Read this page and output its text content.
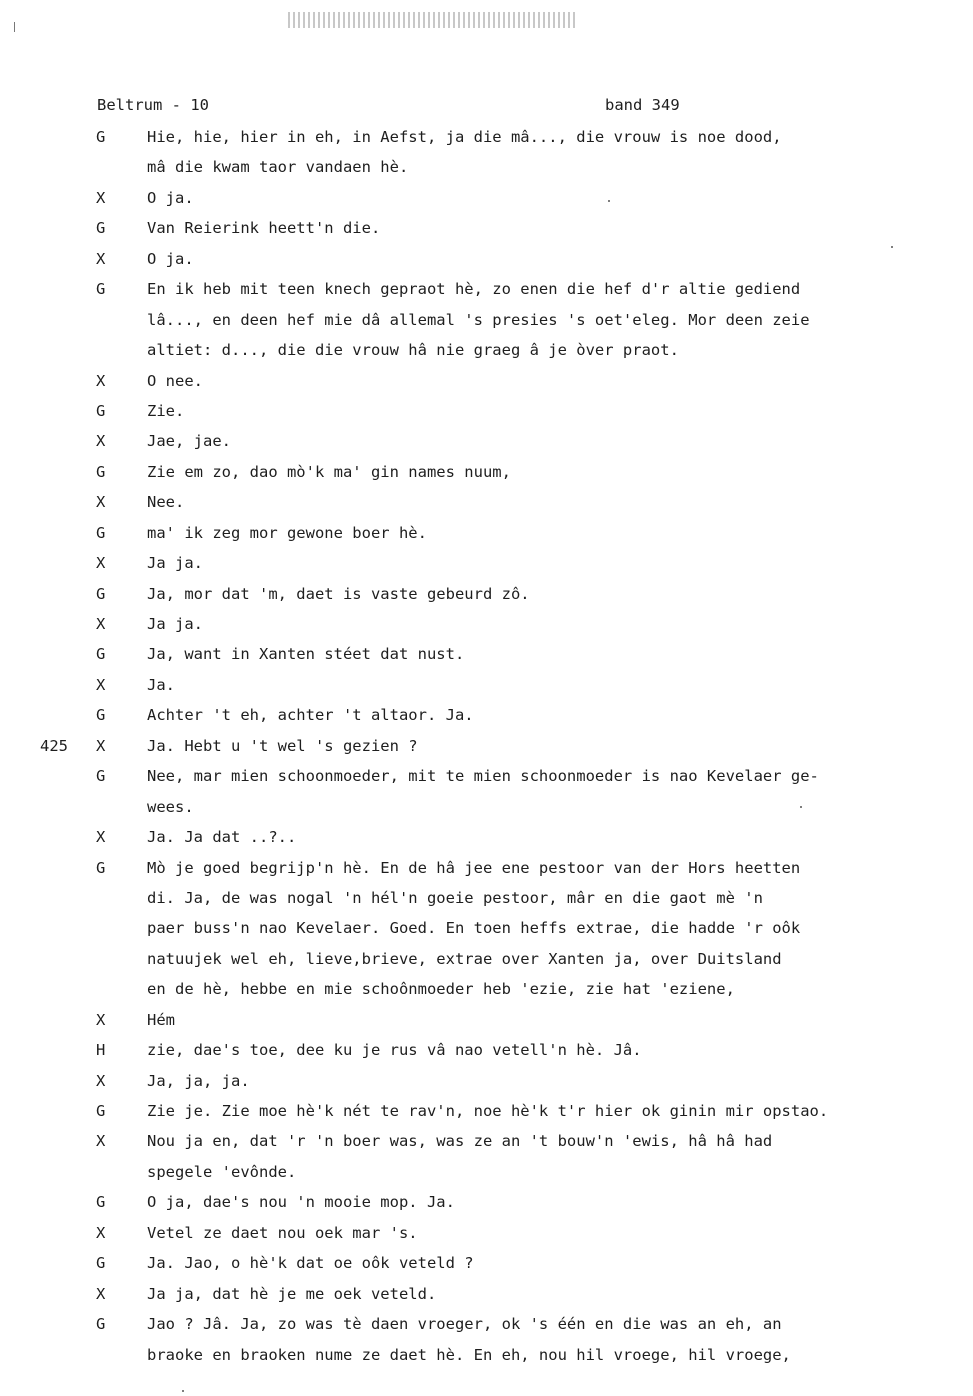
Beltrum - 10	band 349
G	Hie, hie, hier in eh, in Aefst, ja die mâ..., die vrouw is noe dood,
mâ die kwam taor vandaen hè.
X	O ja.
G	Van Reierink heett'n die.
X	O ja.
G	En ik heb mit teen knech gepraot hè, zo enen die hef d'r altie gediend
lâ..., en deen hef mie dâ allemal 's presies 's oet'eleg. Mor deen zeie
altiet: d..., die die vrouw hâ nie graeg â je òver praot.
X	O nee.
G	Zie.
X	Jae, jae.
G	Zie em zo, dao mò'k ma' gin names nuum,
X	Nee.
G	ma' ik zeg mor gewone boer hè.
X	Ja ja.
G	Ja, mor dat 'm, daet is vaste gebeurd zô.
X	Ja ja.
G	Ja, want in Xanten stéet dat nust.
X	Ja.
G	Achter 't eh, achter 't altaor. Ja.
425 X	Ja. Hebt u 't wel 's gezien ?
G	Nee, mar mien schoonmoeder, mit te mien schoonmoeder is nao Kevelaer ge-
wees.
X	Ja. Ja dat ..?..
G	Mò je goed begrijp'n hè. En de hâ jee ene pestoor van der Hors heetten
di. Ja, de was nogal 'n hél'n goeie pestoor, mâr en die gaot mè 'n
paer buss'n nao Kevelaer. Goed. En toen heffs extrae, die hadde 'r oôk
natuujek wel eh, lieve,brieve, extrae over Xanten ja, over Duitsland
en de hè, hebbe en mie schoônmoeder heb 'ezie, zie hat 'eziene,
X	Hém
H	zie, dae's toe, dee ku je rus vâ nao vetell'n hè. Jâ.
X	Ja, ja, ja.
G	Zie je. Zie moe hè'k nét te rav'n, noe hè'k t'r hier ok ginin mir opstao.
X	Nou ja en, dat 'r 'n boer was, was ze an 't bouw'n 'ewis, hâ hâ had
spegele 'evônde.
G	O ja, dae's nou 'n mooie mop. Ja.
X	Vetel ze daet nou oek mar 's.
G	Ja. Jao, o hè'k dat oe oôk veteld ?
X	Ja ja, dat hè je me oek veteld.
G	Jao ? Jâ. Ja, zo was tè daen vroeger, ok 's één en die was an eh, an
braoke en braoken nume ze daet hè. En eh, nou hil vroege, hil vroege,
